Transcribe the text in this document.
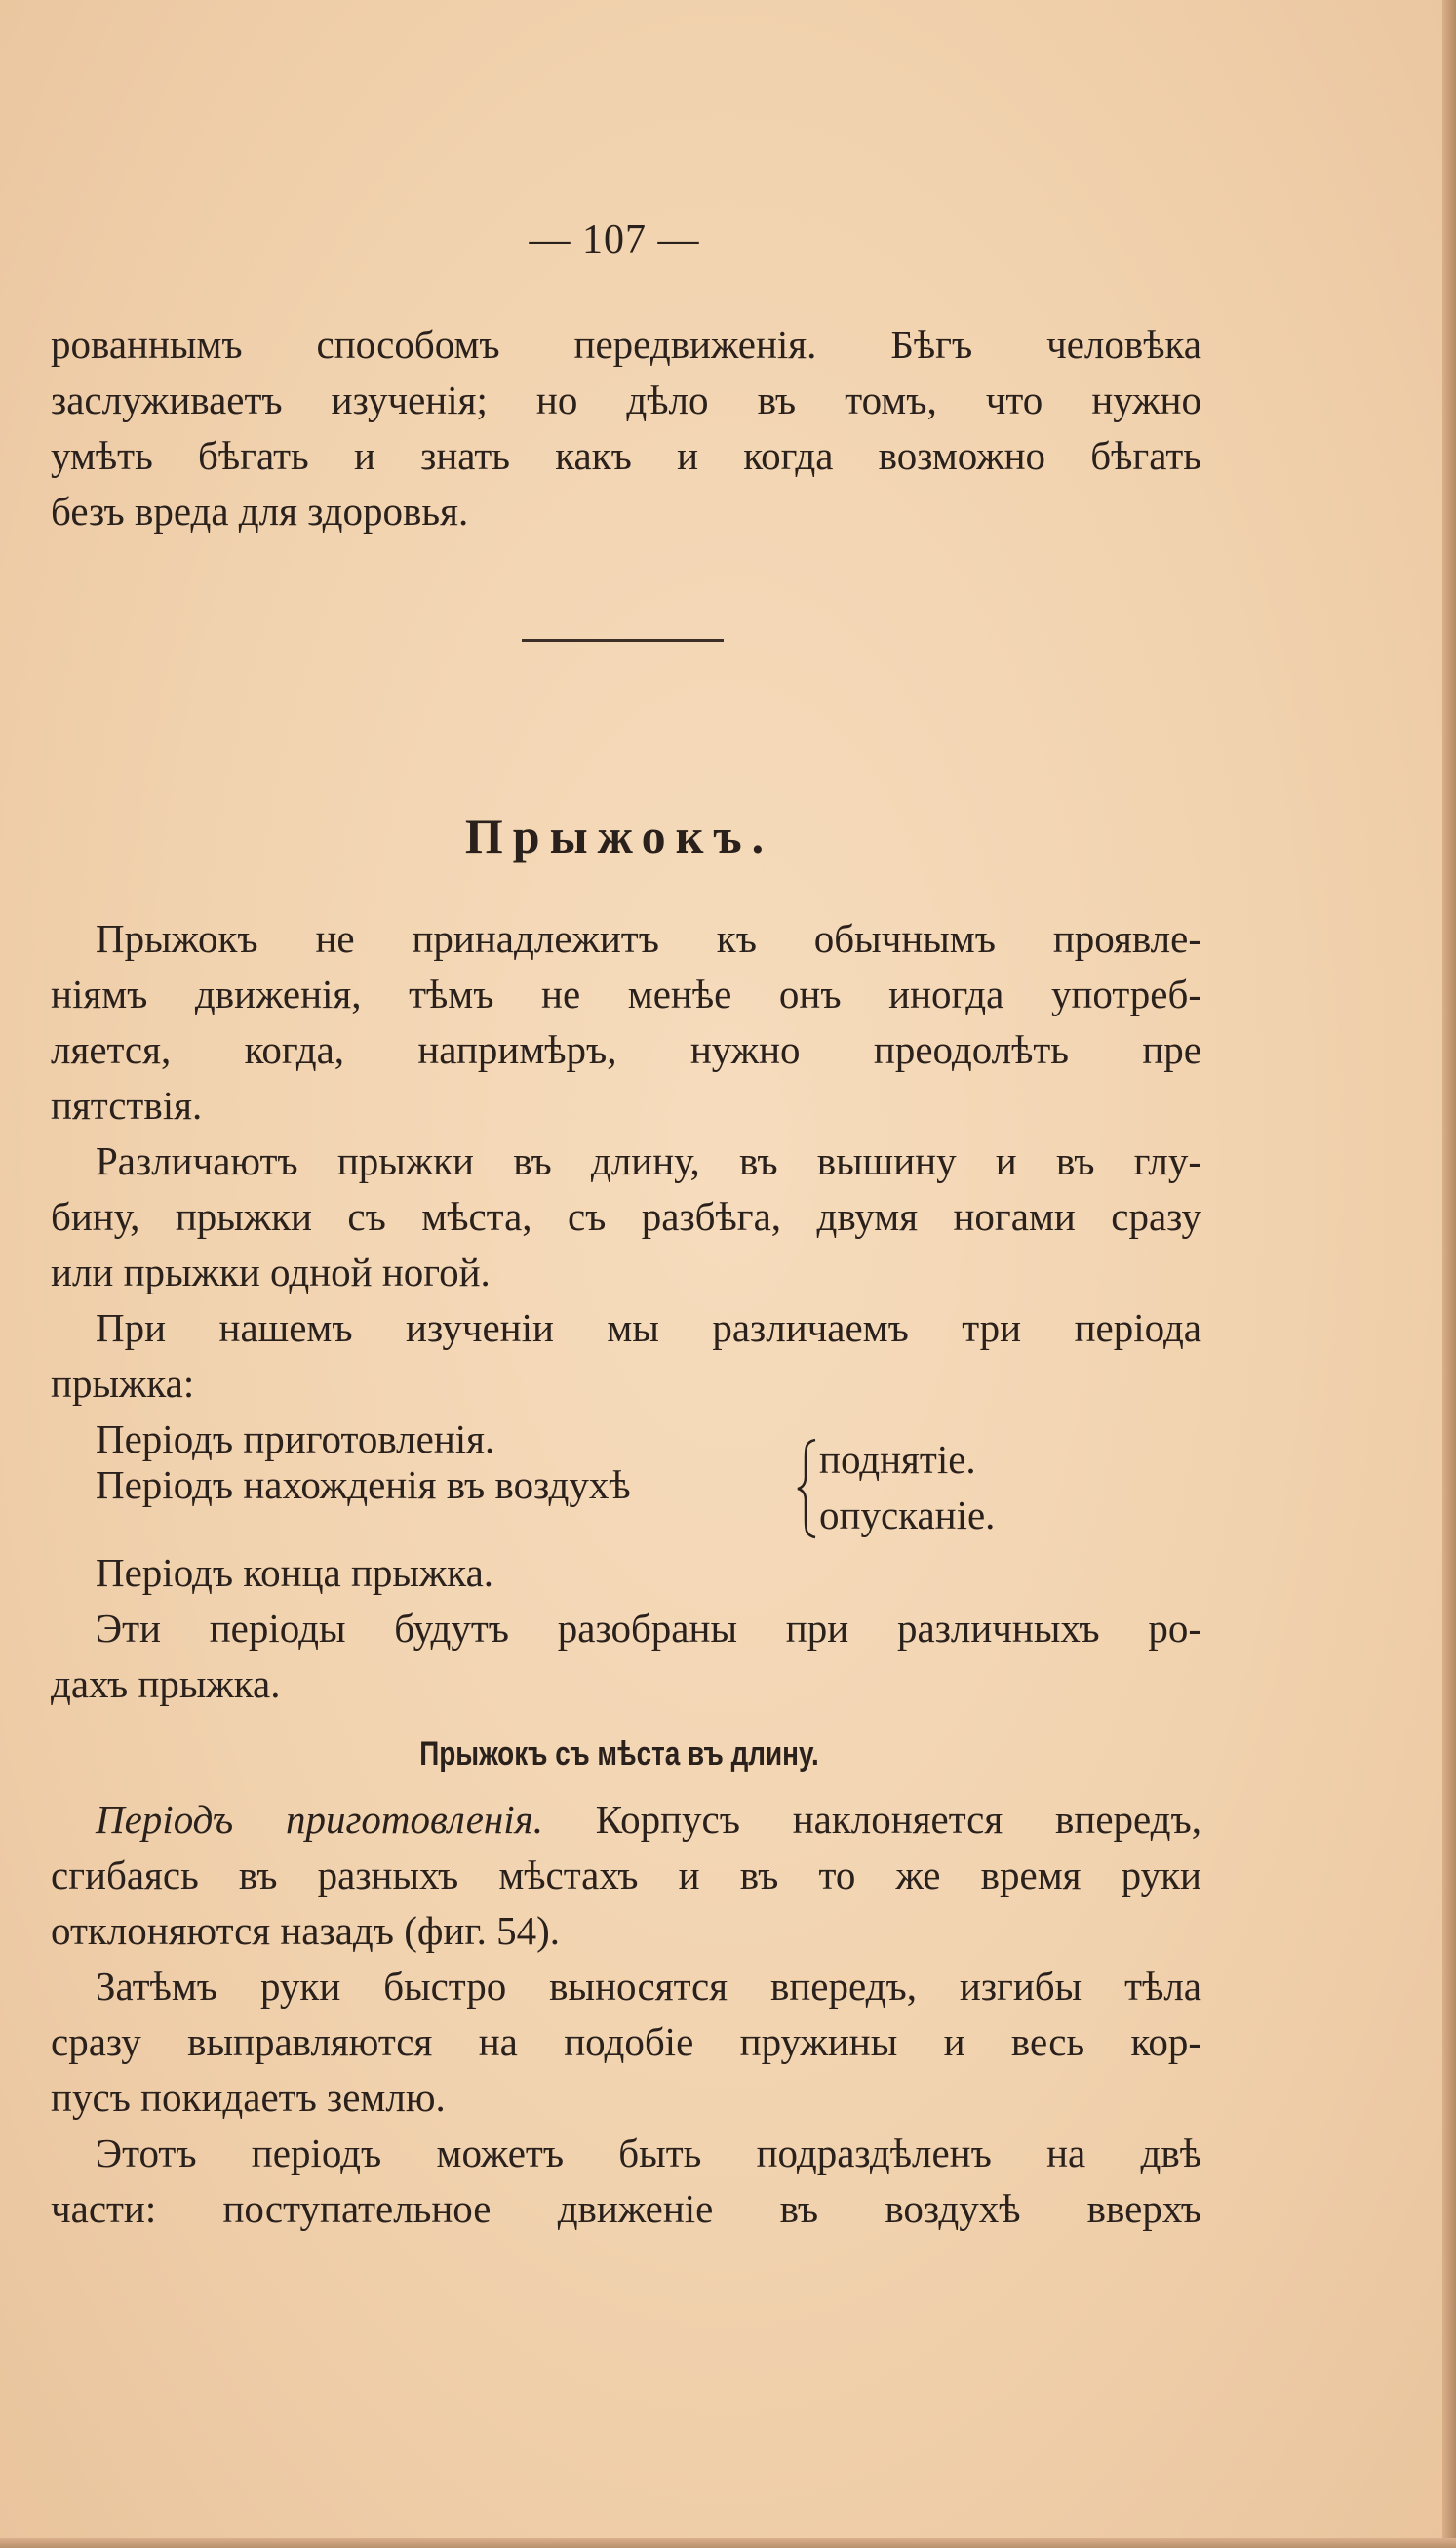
— 107 —
рованнымъ способомъ передвиженія. Бѣгъ человѣка
заслуживаетъ изученія; но дѣло въ томъ, что нужно
умѣть бѣгать и знать какъ и когда возможно бѣгать
безъ вреда для здоровья.
Прыжокъ.
Прыжокъ не принадлежитъ къ обычнымъ проявле-
ніямъ движенія, тѣмъ не менѣе онъ иногда употреб-
ляется, когда, напримѣръ, нужно преодолѣть пре
пятствія.
Различаютъ прыжки въ длину, въ вышину и въ глу-
бину, прыжки съ мѣста, съ разбѣга, двумя ногами сразу
или прыжки одной ногой.
При нашемъ изученіи мы различаемъ три періода
прыжка:
Періодъ приготовленія.
Періодъ нахожденія въ воздухѣ
поднятіе.
опусканіе.
Періодъ конца прыжка.
Эти періоды будутъ разобраны при различныхъ ро-
дахъ прыжка.
Прыжокъ съ мѣста въ длину.
Періодъ приготовленія. Корпусъ наклоняется впередъ,
сгибаясь въ разныхъ мѣстахъ и въ то же время руки
отклоняются назадъ (фиг. 54).
Затѣмъ руки быстро выносятся впередъ, изгибы тѣла
сразу выправляются на подобіе пружины и весь кор-
пусъ покидаетъ землю.
Этотъ періодъ можетъ быть подраздѣленъ на двѣ
части: поступательное движеніе въ воздухѣ вверхъ
